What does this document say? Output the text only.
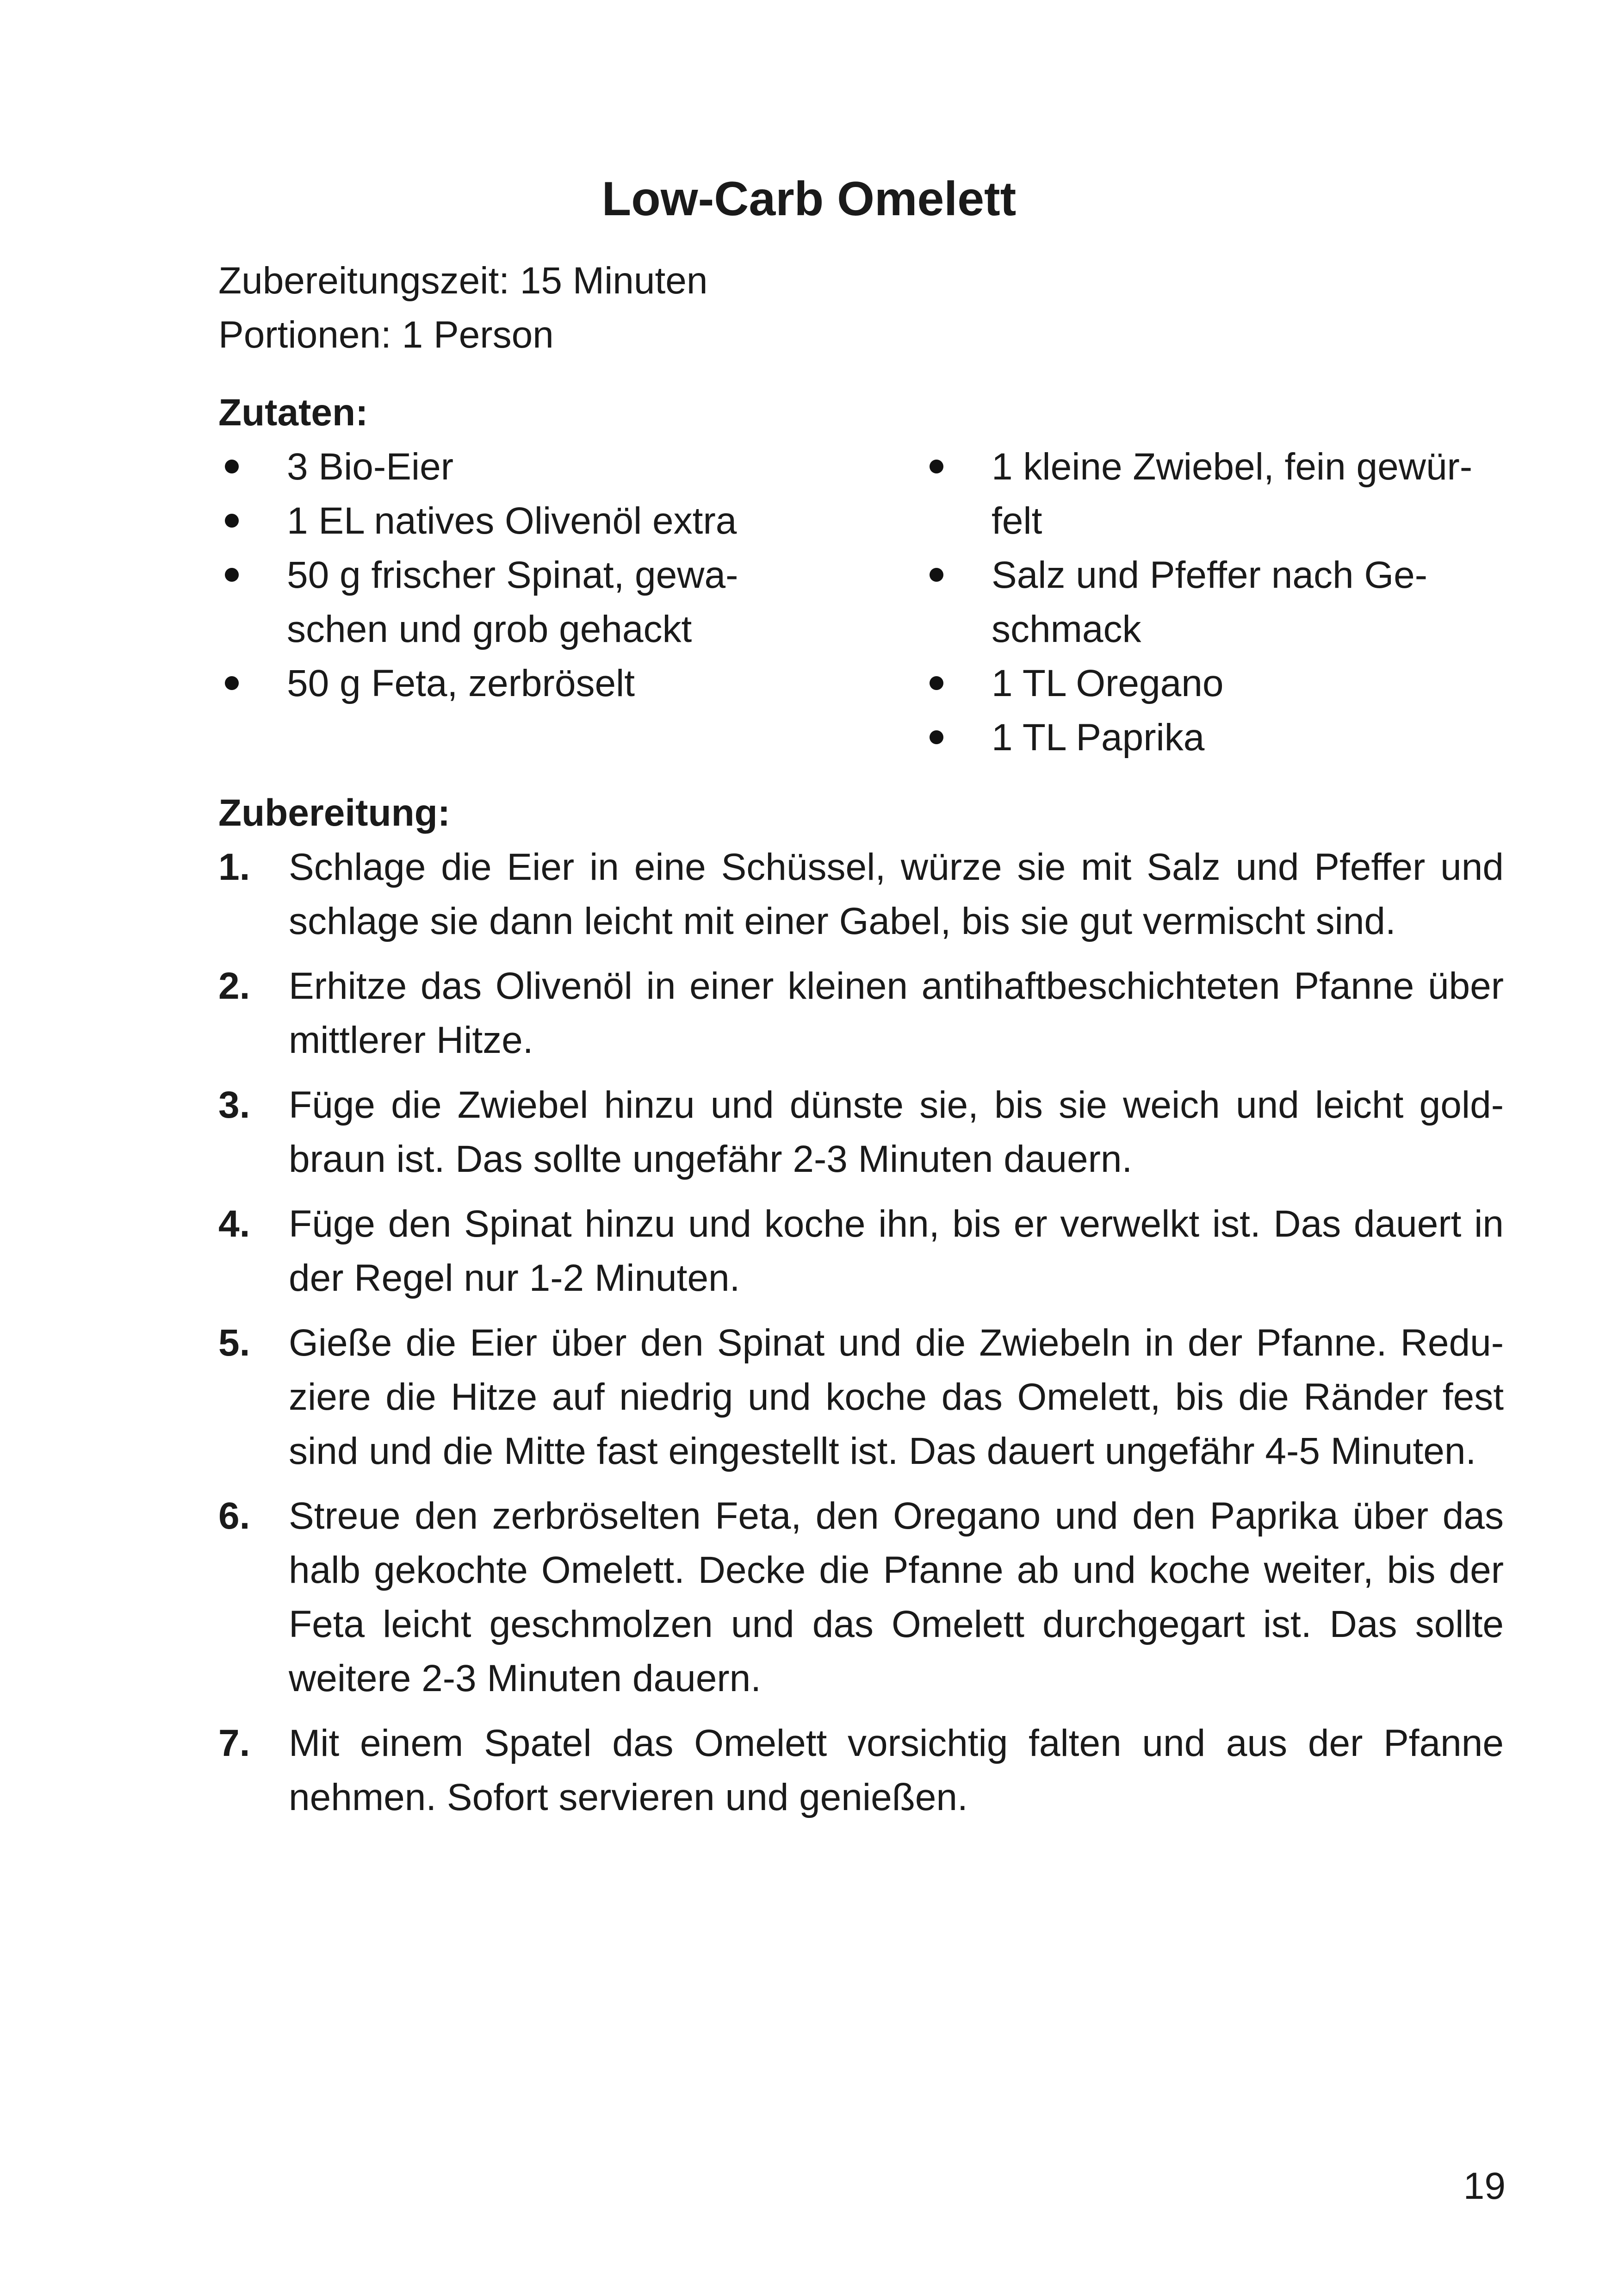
Low-Carb Omelett
Zubereitungszeit: 15 Minuten
Portionen: 1 Person
Zutaten:
3 Bio-Eier
1 EL natives Olivenöl extra
50 g frischer Spinat, gewaschen und grob gehackt
50 g Feta, zerbröselt
1 kleine Zwiebel, fein gewürfelt
Salz und Pfeffer nach Geschmack
1 TL Oregano
1 TL Paprika
Zubereitung:
1. Schlage die Eier in eine Schüssel, würze sie mit Salz und Pfeffer und schlage sie dann leicht mit einer Gabel, bis sie gut vermischt sind.
2. Erhitze das Olivenöl in einer kleinen antihaftbeschichteten Pfanne über mittlerer Hitze.
3. Füge die Zwiebel hinzu und dünste sie, bis sie weich und leicht goldbraun ist. Das sollte ungefähr 2-3 Minuten dauern.
4. Füge den Spinat hinzu und koche ihn, bis er verwelkt ist. Das dauert in der Regel nur 1-2 Minuten.
5. Gieße die Eier über den Spinat und die Zwiebeln in der Pfanne. Reduziere die Hitze auf niedrig und koche das Omelett, bis die Ränder fest sind und die Mitte fast eingestellt ist. Das dauert ungefähr 4-5 Minuten.
6. Streue den zerbröselten Feta, den Oregano und den Paprika über das halb gekochte Omelett. Decke die Pfanne ab und koche weiter, bis der Feta leicht geschmolzen und das Omelett durchgegart ist. Das sollte weitere 2-3 Minuten dauern.
7. Mit einem Spatel das Omelett vorsichtig falten und aus der Pfanne nehmen. Sofort servieren und genießen.
19
